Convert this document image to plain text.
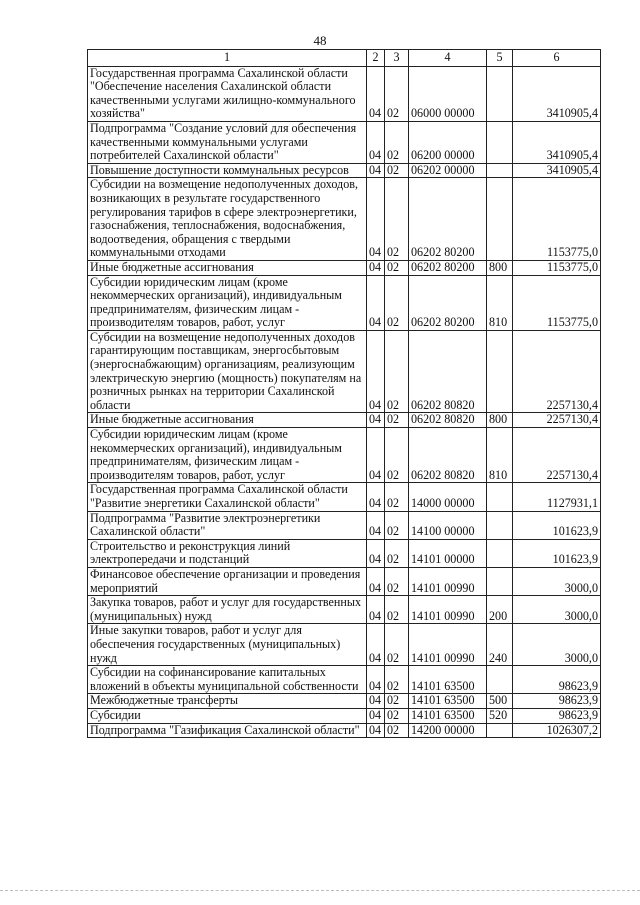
48
1	2	3	4	5	6
Государственная программа Сахалинской области "Обеспечение населения Сахалинской области качественными услугами жилищно-коммунального хозяйства"	04	02	06000 00000		3410905,4
Подпрограмма "Создание условий для обеспечения качественными коммунальными услугами потребителей Сахалинской области"	04	02	06200 00000		3410905,4
Повышение доступности коммунальных ресурсов	04	02	06202 00000		3410905,4
Субсидии на возмещение недополученных доходов, возникающих в результате государственного регулирования тарифов в сфере электроэнергетики, газоснабжения, теплоснабжения, водоснабжения, водоотведения, обращения с твердыми коммунальными отходами	04	02	06202 80200		1153775,0
Иные бюджетные ассигнования	04	02	06202 80200	800	1153775,0
Субсидии юридическим лицам (кроме некоммерческих организаций), индивидуальным предпринимателям, физическим лицам - производителям товаров, работ, услуг	04	02	06202 80200	810	1153775,0
Субсидии на возмещение недополученных доходов гарантирующим поставщикам, энергосбытовым (энергоснабжающим) организациям, реализующим электрическую энергию (мощность) покупателям на розничных рынках на территории Сахалинской области	04	02	06202 80820		2257130,4
Иные бюджетные ассигнования	04	02	06202 80820	800	2257130,4
Субсидии юридическим лицам (кроме некоммерческих организаций), индивидуальным предпринимателям, физическим лицам - производителям товаров, работ, услуг	04	02	06202 80820	810	2257130,4
Государственная программа Сахалинской области "Развитие энергетики Сахалинской области"	04	02	14000 00000		1127931,1
Подпрограмма "Развитие электроэнергетики Сахалинской области"	04	02	14100 00000		101623,9
Строительство и реконструкция линий электропередачи и подстанций	04	02	14101 00000		101623,9
Финансовое обеспечение организации и проведения мероприятий	04	02	14101 00990		3000,0
Закупка товаров, работ и услуг для государственных (муниципальных) нужд	04	02	14101 00990	200	3000,0
Иные закупки товаров, работ и услуг для обеспечения государственных (муниципальных) нужд	04	02	14101 00990	240	3000,0
Субсидии на софинансирование капитальных вложений в объекты муниципальной собственности	04	02	14101 63500		98623,9
Межбюджетные трансферты	04	02	14101 63500	500	98623,9
Субсидии	04	02	14101 63500	520	98623,9
Подпрограмма "Газификация Сахалинской области"	04	02	14200 00000		1026307,2
